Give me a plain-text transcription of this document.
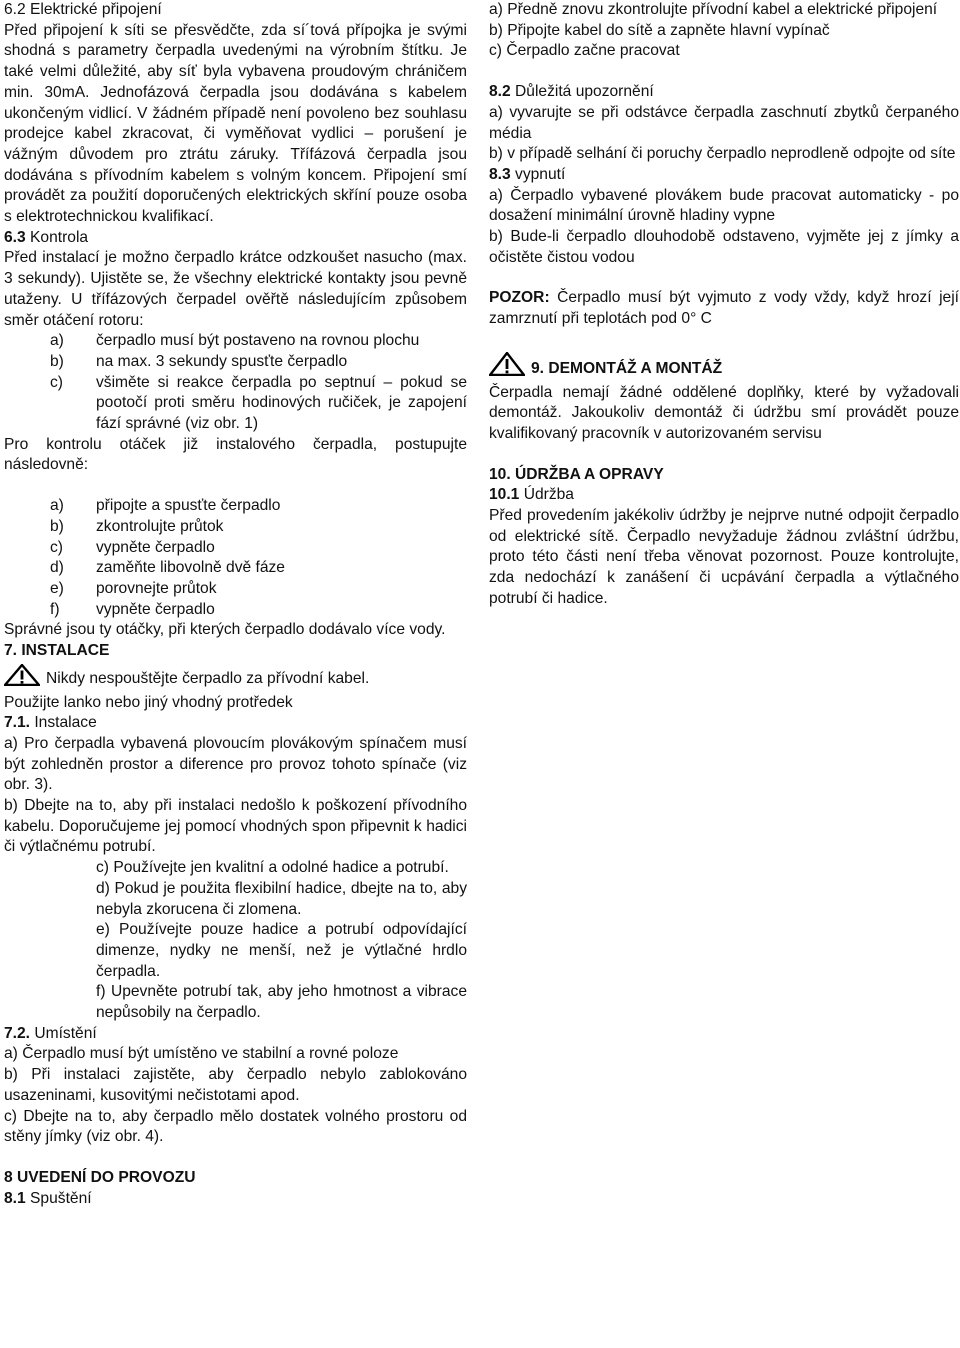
6.2 Elektrické připojení

Před připojení k síti se přesvědčte, zda sí´tová přípojka je svými shodná s parametry čerpadla uvedenými na výrobním štítku. Je také velmi důležité, aby síť byla vybavena proudovým chráničem min. 30mA. Jednofázová čerpadla jsou dodávána s kabelem ukončeným vidlicí. V žádném případě není povoleno bez souhlasu prodejce kabel zkracovat, či vyměňovat vydlici – porušení je vážným důvodem pro ztrátu záruky. Třífázová čerpadla jsou dodávána s přívodním kabelem s volným koncem. Připojení smí provádět za použití doporučených elektrických skříní pouze osoba s elektrotechnickou kvalifikací.

6.3 Kontrola

Před instalací je možno čerpadlo krátce odzkoušet nasucho (max. 3 sekundy). Ujistěte se, že všechny elektrické kontakty jsou pevně utaženy. U třífázových čerpadel ověřtě následujícím způsobem směr otáčení rotoru:

a)	čerpadlo musí být postaveno na rovnou plochu
b)	na max. 3 sekundy spusťte čerpadlo
c)	všiměte si reakce čerpadla po septnuí – pokud se pootočí proti směru hodinových ručiček, je zapojení fází správné (viz obr. 1)

Pro kontrolu otáček již instalového čerpadla, postupujte následovně:

a)	připojte a spusťte čerpadlo
b)	zkontrolujte průtok
c)	vypněte čerpadlo
d)	zaměňte libovolně dvě fáze
e)	porovnejte průtok
f)	vypněte čerpadlo

Správné jsou ty otáčky, při kterých čerpadlo dodávalo více vody.

7. INSTALACE

Nikdy nespouštějte čerpadlo za přívodní kabel.

Použijte lanko nebo jiný vhodný protředek

7.1. Instalace

a) Pro čerpadla vybavená plovoucím plovákovým spínačem musí být zohledněn prostor a diference pro provoz tohoto spínače (viz obr. 3).

b) Dbejte na to, aby při instalaci nedošlo k poškození přívodního kabelu. Doporučujeme jej pomocí vhodných spon připevnit k hadici či výtlačnému potrubí.

c) Používejte jen kvalitní a odolné hadice a potrubí.

d) Pokud je použita flexibilní hadice, dbejte na to, aby nebyla zkorucena či zlomena.

e) Používejte pouze hadice a potrubí odpovídající dimenze, nydky ne menší, než je výtlačné hrdlo čerpadla.

f) Upevněte potrubí tak, aby jeho hmotnost a vibrace nepůsobily na čerpadlo.

7.2. Umístění

a) Čerpadlo musí být umístěno ve stabilní a rovné poloze

b) Při instalaci zajistěte, aby čerpadlo nebylo zablokováno usazeninami, kusovitými nečistotami apod.

c) Dbejte na to, aby čerpadlo mělo dostatek volného prostoru od stěny jímky (viz obr. 4).

8 UVEDENÍ DO PROVOZU

8.1 Spuštění

a) Předně znovu zkontrolujte přívodní kabel a elektrické připojení

b) Připojte kabel do sítě a zapněte hlavní vypínač

c) Čerpadlo začne pracovat

8.2 Důležitá upozornění

a) vyvarujte se při odstávce čerpadla zaschnutí zbytků čerpaného média

b) v případě selhání či poruchy čerpadlo neprodleně odpojte od síte

8.3 vypnutí

a) Čerpadlo vybavené plovákem bude pracovat automaticky - po dosažení minimální úrovně hladiny vypne

b) Bude-li čerpadlo dlouhodobě odstaveno, vyjměte jej z jímky a očistěte čistou vodou

POZOR: Čerpadlo musí být vyjmuto z vody vždy, když hrozí její zamrznutí při teplotách pod 0° C

9. DEMONTÁŽ A MONTÁŽ

Čerpadla nemají žádné oddělené doplňky, které by vyžadovali demontáž. Jakoukoliv demontáž či údržbu smí provádět pouze kvalifikovaný pracovník v autorizovaném servisu

10. ÚDRŽBA A OPRAVY

10.1 Údržba

Před provedením jakékoliv údržby je nejprve nutné odpojit čerpadlo od elektrické sítě. Čerpadlo nevyžaduje žádnou zvláštní údržbu, proto této části není třeba věnovat pozornost. Pouze kontrolujte, zda nedochází k zanášení či ucpávání čerpadla a výtlačného potrubí či hadice.
